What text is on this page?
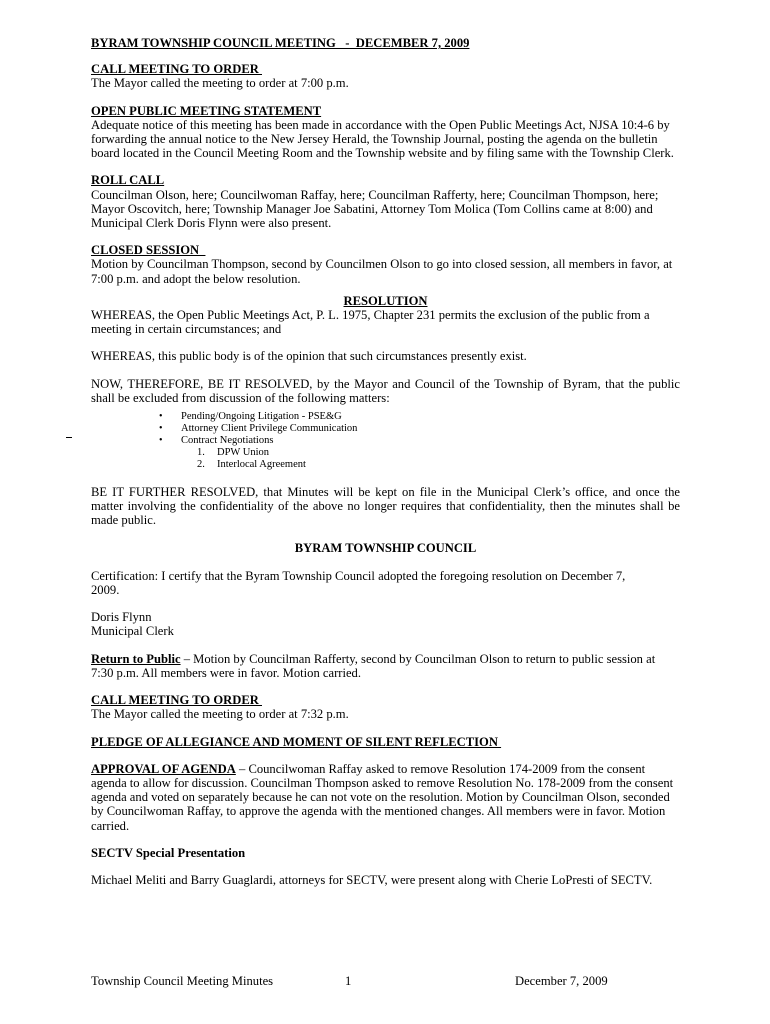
BYRAM TOWNSHIP COUNCIL MEETING   -  DECEMBER 7, 2009
CALL MEETING TO ORDER
The Mayor called the meeting to order at 7:00 p.m.
OPEN PUBLIC MEETING STATEMENT
Adequate notice of this meeting has been made in accordance with the Open Public Meetings Act, NJSA 10:4-6 by forwarding the annual notice to the New Jersey Herald, the Township Journal, posting the agenda on the bulletin board located in the Council Meeting Room and the Township website and by filing same with the Township Clerk.
ROLL CALL
Councilman Olson, here; Councilwoman Raffay, here; Councilman Rafferty, here; Councilman Thompson, here; Mayor Oscovitch, here; Township Manager Joe Sabatini, Attorney Tom Molica (Tom Collins came at 8:00) and Municipal Clerk Doris Flynn were also present.
CLOSED SESSION
Motion by Councilman Thompson, second by Councilmen Olson to go into closed session, all members in favor, at 7:00 p.m. and adopt the below resolution.
RESOLUTION
WHEREAS, the Open Public Meetings Act, P. L. 1975, Chapter 231 permits the exclusion of the public from a meeting in certain circumstances; and
WHEREAS, this public body is of the opinion that such circumstances presently exist.
NOW, THEREFORE, BE IT RESOLVED, by the Mayor and Council of the Township of Byram, that the public shall be excluded from discussion of the following matters:
• Pending/Ongoing Litigation - PSE&G
• Attorney Client Privilege Communication
• Contract Negotiations
1. DPW Union
2. Interlocal Agreement
BE IT FURTHER RESOLVED, that Minutes will be kept on file in the Municipal Clerk’s office, and once the matter involving the confidentiality of the above no longer requires that confidentiality, then the minutes shall be made public.
BYRAM TOWNSHIP COUNCIL
Certification: I certify that the Byram Township Council adopted the foregoing resolution on December 7, 2009.
Doris Flynn
Municipal Clerk
Return to Public – Motion by Councilman Rafferty, second by Councilman Olson to return to public session at 7:30 p.m. All members were in favor. Motion carried.
CALL MEETING TO ORDER
The Mayor called the meeting to order at 7:32 p.m.
PLEDGE OF ALLEGIANCE AND MOMENT OF SILENT REFLECTION
APPROVAL OF AGENDA – Councilwoman Raffay asked to remove Resolution 174-2009 from the consent agenda to allow for discussion. Councilman Thompson asked to remove Resolution No. 178-2009 from the consent agenda and voted on separately because he can not vote on the resolution. Motion by Councilman Olson, seconded by Councilwoman Raffay, to approve the agenda with the mentioned changes. All members were in favor. Motion carried.
SECTV Special Presentation
Michael Meliti and Barry Guaglardi, attorneys for SECTV, were present along with Cherie LoPresti of SECTV.
Township Council Meeting Minutes	1	December 7, 2009
